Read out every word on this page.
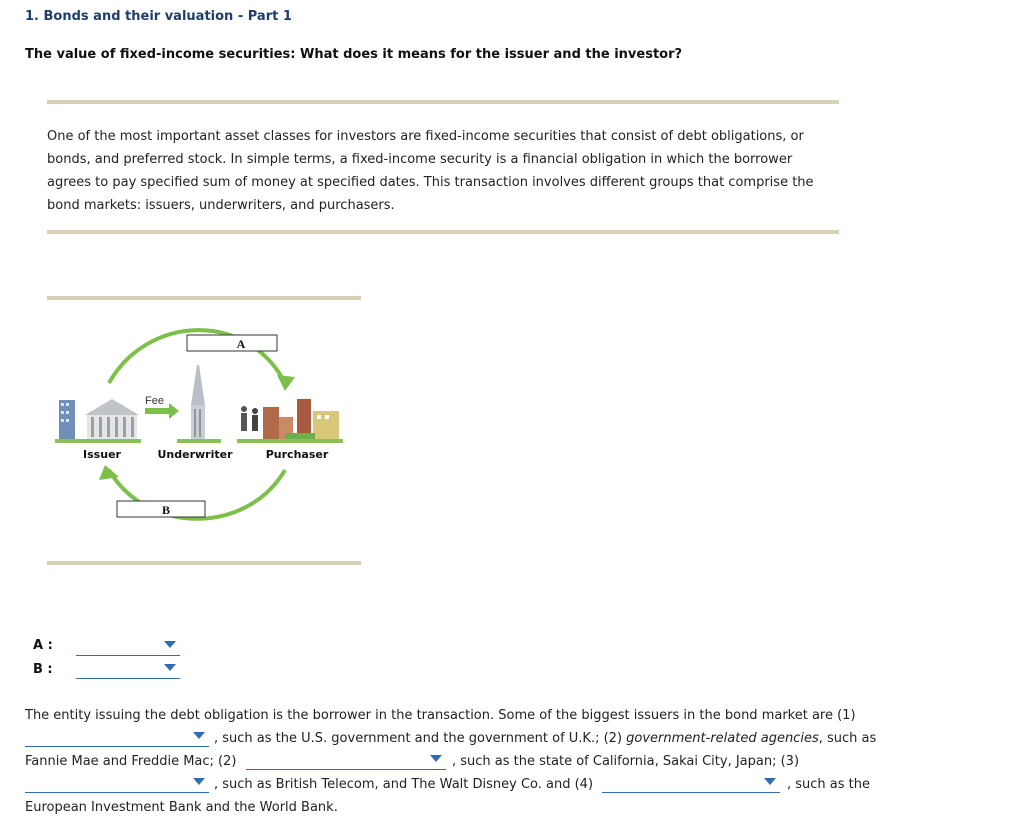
1. Bonds and their valuation - Part 1
The value of fixed-income securities: What does it means for the issuer and the investor?
One of the most important asset classes for investors are fixed-income securities that consist of debt obligations, or bonds, and preferred stock. In simple terms, a fixed-income security is a financial obligation in which the borrower agrees to pay specified sum of money at specified dates. This transaction involves different groups that comprise the bond markets: issuers, underwriters, and purchasers.
A
B
Fee
Issuer	Underwriter	Purchaser
A :
B :
The entity issuing the debt obligation is the borrower in the transaction. Some of the biggest issuers in the bond market are (1)
, such as the U.S. government and the government of U.K.; (2) government-related agencies, such as
Fannie Mae and Freddie Mac; (2)	, such as the state of California, Sakai City, Japan; (3)
, such as British Telecom, and The Walt Disney Co. and (4)	, such as the
European Investment Bank and the World Bank.
